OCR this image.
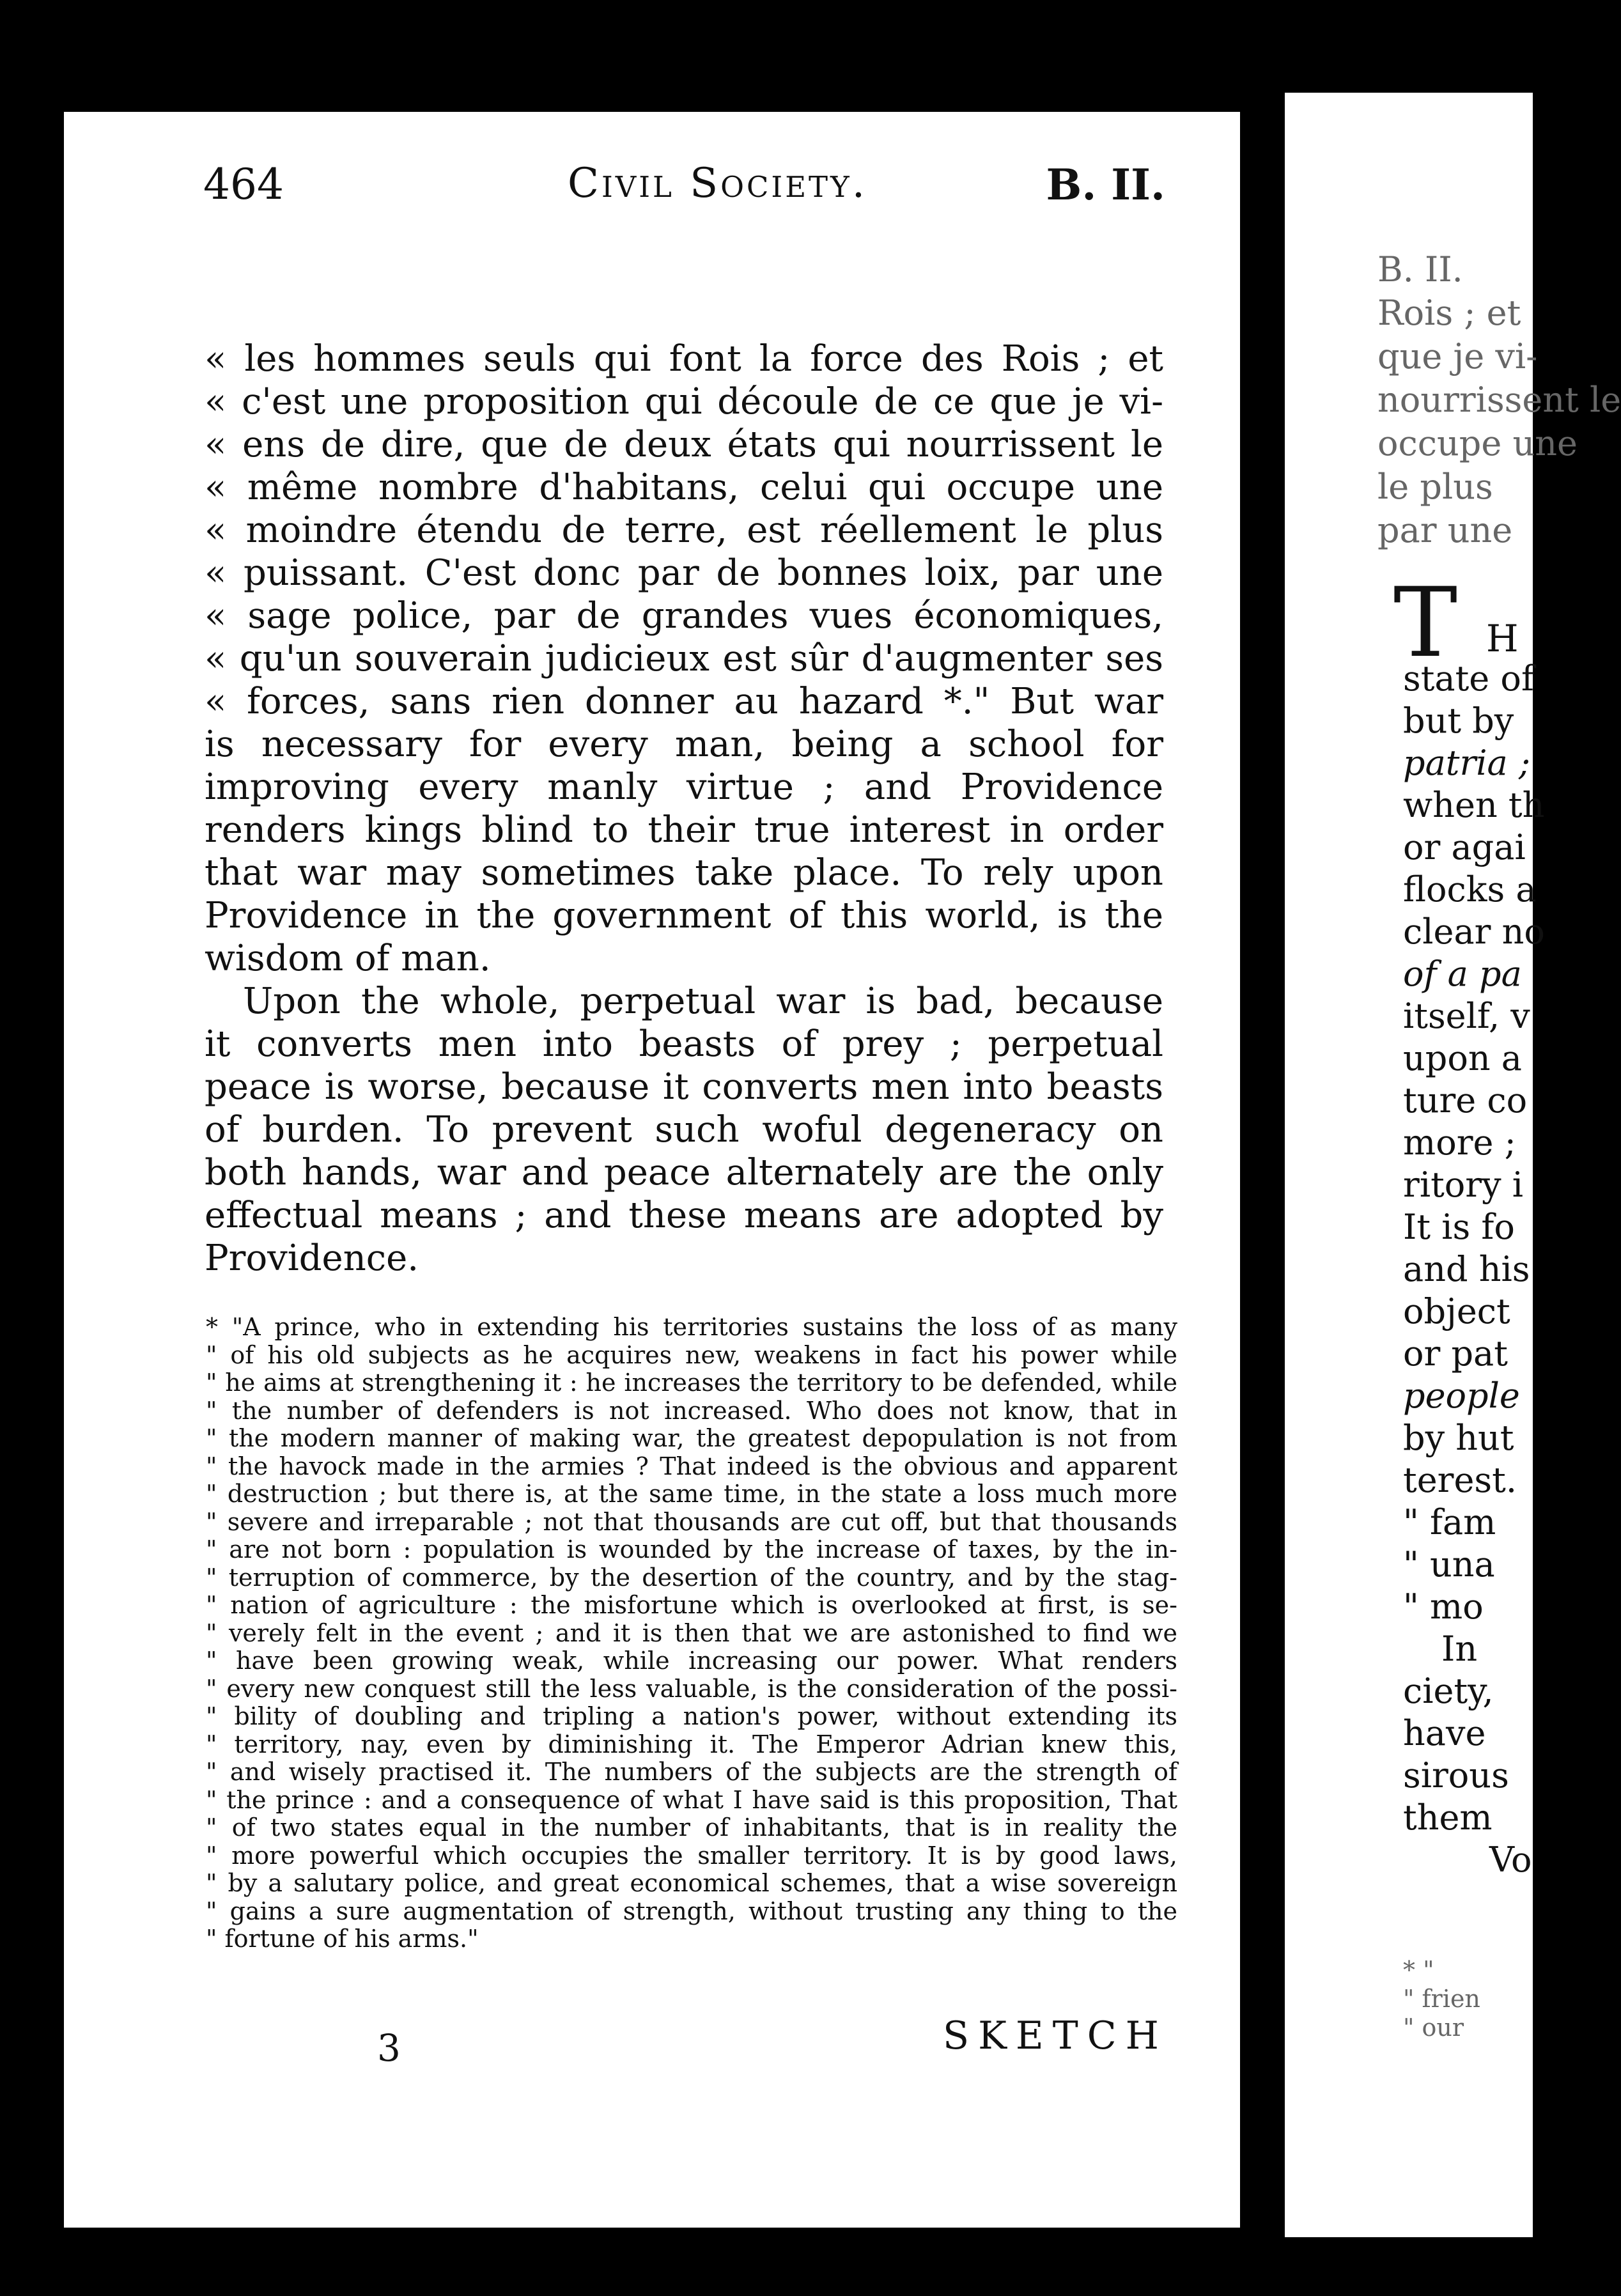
464	Civil Society.	B. II.
« les hommes seuls qui font la force des Rois ; et
« c'est une proposition qui découle de ce que je vi-
« ens de dire, que de deux états qui nourrissent le
« même nombre d'habitans, celui qui occupe une
« moindre étendu de terre, est réellement le plus
« puissant. C'est donc par de bonnes loix, par une
« sage police, par de grandes vues économiques,
« qu'un souverain judicieux est sûr d'augmenter ses
« forces, sans rien donner au hazard *." But war
is necessary for every man, being a school for
improving every manly virtue ; and Providence
renders kings blind to their true interest in order
that war may sometimes take place. To rely upon
Providence in the government of this world, is the
wisdom of man.
Upon the whole, perpetual war is bad, because
it converts men into beasts of prey ; perpetual
peace is worse, because it converts men into beasts
of burden. To prevent such woful degeneracy on
both hands, war and peace alternately are the only
effectual means ; and these means are adopted by
Providence.
* "A prince, who in extending his territories sustains the loss of as many
" of his old subjects as he acquires new, weakens in fact his power while
" he aims at strengthening it : he increases the territory to be defended, while
" the number of defenders is not increased. Who does not know, that in
" the modern manner of making war, the greatest depopulation is not from
" the havock made in the armies ? That indeed is the obvious and apparent
" destruction ; but there is, at the same time, in the state a loss much more
" severe and irreparable ; not that thousands are cut off, but that thousands
" are not born : population is wounded by the increase of taxes, by the in-
" terruption of commerce, by the desertion of the country, and by the stag-
" nation of agriculture : the misfortune which is overlooked at first, is se-
" verely felt in the event ; and it is then that we are astonished to find we
" have been growing weak, while increasing our power. What renders
" every new conquest still the less valuable, is the consideration of the possi-
" bility of doubling and tripling a nation's power, without extending its
" territory, nay, even by diminishing it. The Emperor Adrian knew this,
" and wisely practised it. The numbers of the subjects are the strength of
" the prince : and a consequence of what I have said is this proposition, That
" of two states equal in the number of inhabitants, that is in reality the
" more powerful which occupies the smaller territory. It is by good laws,
" by a salutary police, and great economical schemes, that a wise sovereign
" gains a sure augmentation of strength, without trusting any thing to the
" fortune of his arms."
3	SKETCH
B. II.
Rois ; et
que je vi-
nourrissent le
occupe une
le plus
par une
state of
but by
patria ;
when th
or agai
flocks a
clear no
of a pa
itself, v
upon a
ture co
more ;
ritory i
It is fo
and his
object
or pat
people
by hut
terest.
" fam
" una
" mo
In
ciety,
have
sirous
them
Vo
* "
" frien
" our
T H
